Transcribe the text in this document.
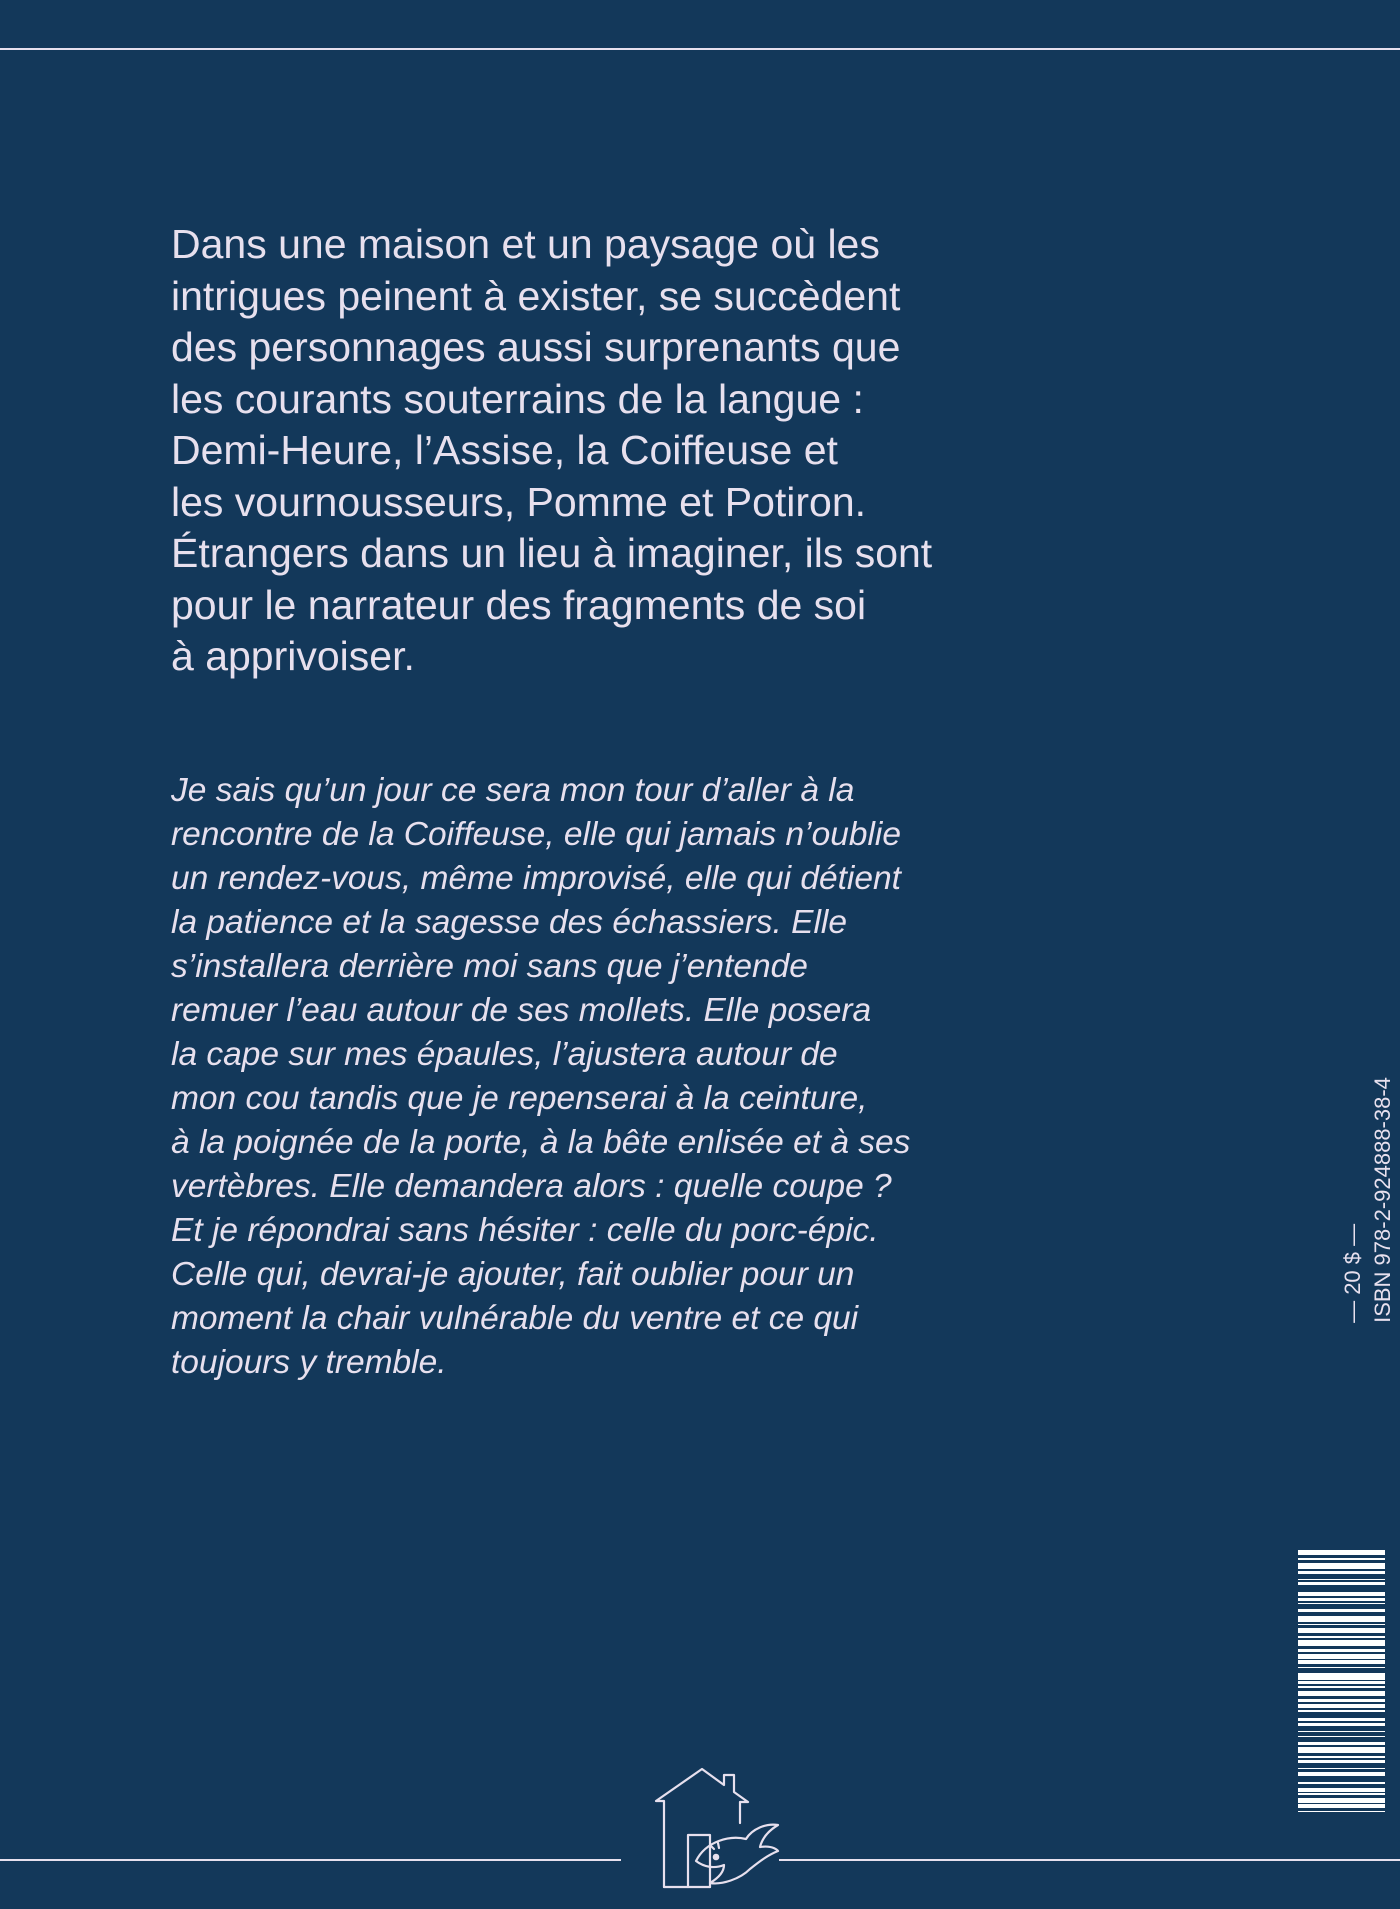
Dans une maison et un paysage où les
intrigues peinent à exister, se succèdent
des personnages aussi surprenants que
les courants souterrains de la langue :
Demi-Heure, l’Assise, la Coiffeuse et
les vournousseurs, Pomme et Potiron.
Étrangers dans un lieu à imaginer, ils sont
pour le narrateur des fragments de soi
à apprivoiser.

Je sais qu’un jour ce sera mon tour d’aller à la
rencontre de la Coiffeuse, elle qui jamais n’oublie
un rendez-vous, même improvisé, elle qui détient
la patience et la sagesse des échassiers. Elle
s’installera derrière moi sans que j’entende
remuer l’eau autour de ses mollets. Elle posera
la cape sur mes épaules, l’ajustera autour de
mon cou tandis que je repenserai à la ceinture,
à la poignée de la porte, à la bête enlisée et à ses
vertèbres. Elle demandera alors : quelle coupe ?
Et je répondrai sans hésiter : celle du porc-épic.
Celle qui, devrai-je ajouter, fait oublier pour un
moment la chair vulnérable du ventre et ce qui
toujours y tremble.

— 20 $ — ISBN 978-2-924888-38-4
